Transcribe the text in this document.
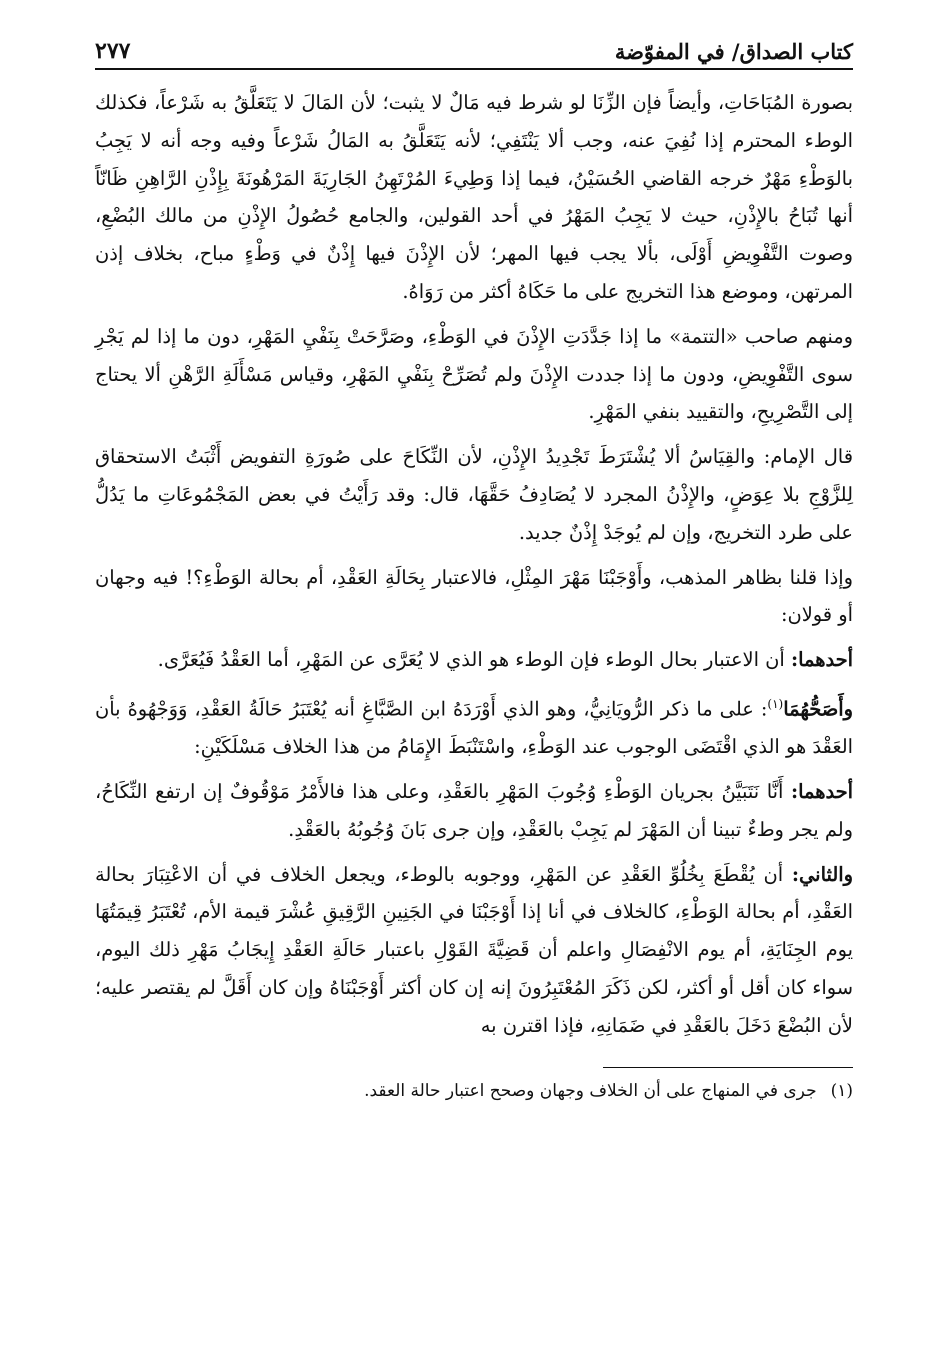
كتاب الصداق/ في المفوّضة
٢٧٧

بصورة المُبَاحَاتِ، وأيضاً فإن الزِّنَا لو شرط فيه مَالٌ لا يثبت؛ لأن المَالَ لا يَتَعَلَّقُ به شَرْعاً، فكذلك الوطء المحترم إذا نُفِيَ عنه، وجب ألا يَنْتَفِي؛ لأنه يَتَعَلَّقُ به المَالُ شَرْعاً وفيه وجه أنه لا يَجِبُ بالوَطْءِ مَهْرٌ خرجه القاضي الحُسَيْنُ، فيما إذا وَطِيءَ المُرْتَهِنُ الجَارِيَةَ المَرْهُونَةَ بِإِذْنِ الرَّاهِنِ ظَانّاً أنها تُبَاحُ بالإِذْنِ، حيث لا يَجِبُ المَهْرُ في أحد القولين، والجامع حُصُولُ الإِذْنِ من مالك البُضْعِ، وصوت التَّفْوِيضِ أَوْلَى، بألا يجب فيها المهر؛ لأن الإِذْنَ فيها إِذْنٌ في وَطْءٍ مباح، بخلاف إذن المرتهن، وموضع هذا التخريج على ما حَكَاهُ أكثر من رَوَاهُ.

ومنهم صاحب «التتمة» ما إذا جَدَّدَتِ الإِذْنَ في الوَطْءِ، وصَرَّحَتْ بِنَفْيِ المَهْرِ، دون ما إذا لم يَجْرِ سوى التَّفْوِيضِ، ودون ما إذا جددت الإِذْنَ ولم تُصَرِّحْ بِنَفْيِ المَهْرِ، وقياس مَسْأَلَةِ الرَّهْنِ ألا يحتاج إلى التَّصْرِيحِ، والتقييد بنفي المَهْرِ.

قال الإمام: والقِيَاسُ ألا يُشْتَرَطَ تَجْدِيدُ الإِذْنِ، لأن النِّكَاحَ على صُورَةِ التفويض أَثْبَتُ الاستحقاق لِلزَّوْجِ بلا عِوَضٍ، والإِذْنُ المجرد لا يُصَادِفُ حَقَّهَا، قال: وقد رَأَيْتُ في بعض المَجْمُوعَاتِ ما يَدُلُّ على طرد التخريج، وإن لم يُوجَدْ إِذْنٌ جديد.

وإذا قلنا بظاهر المذهب، وأَوْجَبْنَا مَهْرَ المِثْلِ، فالاعتبار بِحَالَةِ العَقْدِ، أم بحالة الوَطْءِ؟! فيه وجهان أو قولان:

أحدهما: أن الاعتبار بحال الوطء فإن الوطء هو الذي لا يُعَرَّى عن المَهْرِ، أما العَقْدُ فَيُعَرَّى.

وأَصَحُّهُمَا$^{(١)}$: على ما ذكر الرُّويَانِيُّ، وهو الذي أَوْرَدَهُ ابن الصَّبَّاغِ أنه يُعْتَبَرُ حَالَةُ العَقْدِ، وَوَجْهُوهُ بأن العَقْدَ هو الذي اقْتَضَى الوجوب عند الوَطْءِ، واسْتَنْبَطَ الإِمَامُ من هذا الخلاف مَسْلَكَيْنِ:

أحدهما: أَنَّا نَتَبَيَّنُ بجريان الوَطْءِ وُجُوبَ المَهْرِ بالعَقْدِ، وعلى هذا فالأَمْرُ مَوْقُوفٌ إن ارتفع النِّكَاحُ، ولم يجر وطءٌ تبينا أن المَهْرَ لم يَجِبْ بالعَقْدِ، وإن جرى بَانَ وُجُوبُهُ بالعَقْدِ.

والثاني: أن يُقْطَعَ بِخُلُوِّ العَقْدِ عن المَهْرِ، ووجوبه بالوطء، ويجعل الخلاف في أن الاعْتِبَارَ بحالة العَقْدِ، أم بحالة الوَطْءِ، كالخلاف في أنا إذا أَوْجَبْنَا في الجَنِينِ الرَّقِيقِ عُشْرَ قيمة الأم، تُعْتَبَرُ قِيمَتُهَا يوم الجِنَايَةِ، أم يوم الانْفِصَالِ واعلم أن قَضِيَّةَ القَوْلِ باعتبار حَالَةِ العَقْدِ إِيجَابُ مَهْرِ ذلك اليوم، سواء كان أقل أو أكثر، لكن ذَكَرَ المُعْتَبِرُونَ إنه إن كان أكثر أَوْجَبْنَاهُ وإن كان أَقَلَّ لم يقتصر عليه؛ لأن البُضْعَ دَخَلَ بالعَقْدِ في ضَمَانِهِ، فإذا اقترن به

(١)جرى في المنهاج على أن الخلاف وجهان وصحح اعتبار حالة العقد.
